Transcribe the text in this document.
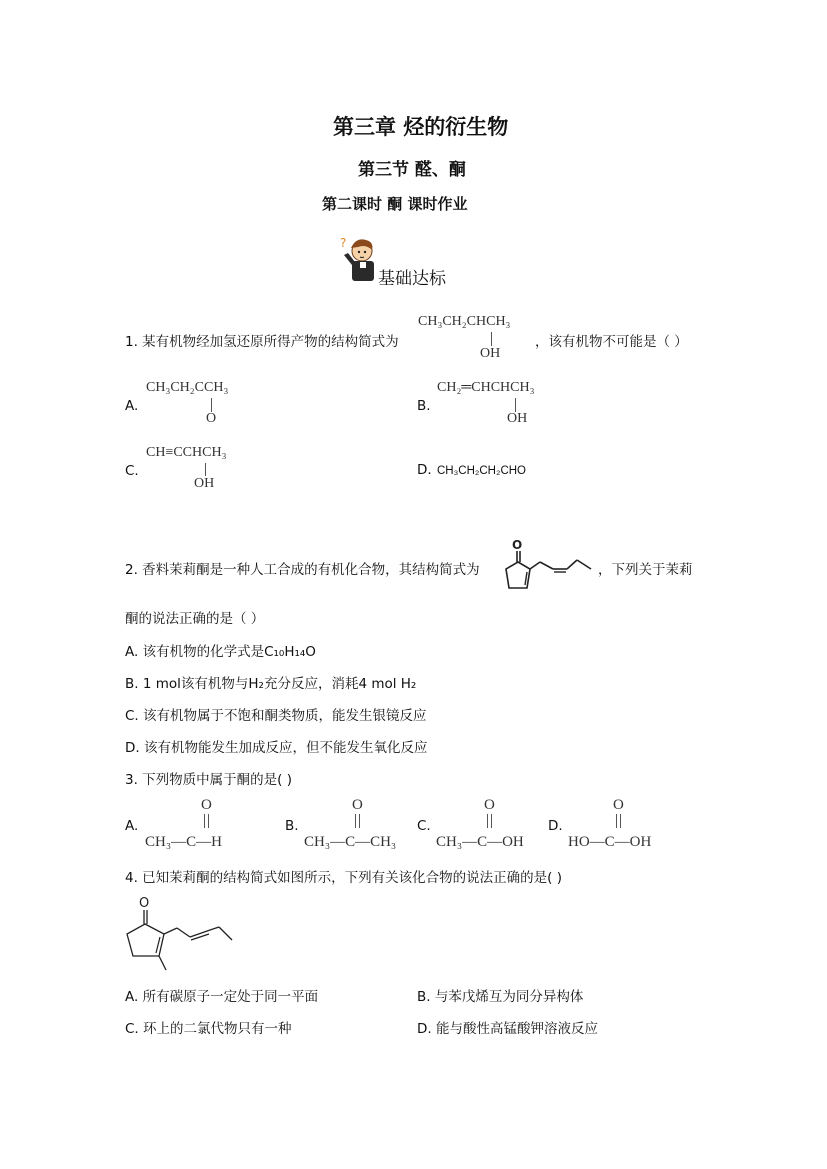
第三章 烃的衍生物
第三节 醛、酮
第二课时 酮 课时作业
?
基础达标
1. 某有机物经加氢还原所得产物的结构简式为
CH₃CH₂CHCH₃
OH
，该有机物不可能是（ ）
A.
CH₃CH₂CCH₃
O
B.
CH₂═CHCHCH₃
OH
C.
CH≡CCHCH₃
OH
D. CH₃CH₂CH₂CHO
2. 香料茉莉酮是一种人工合成的有机化合物，其结构简式为
O
，下列关于茉莉
酮的说法正确的是（ ）
A. 该有机物的化学式是C₁₀H₁₄O
B. 1 mol该有机物与H₂充分反应，消耗4 mol H₂
C. 该有机物属于不饱和酮类物质，能发生银镜反应
D. 该有机物能发生加成反应，但不能发生氧化反应
3. 下列物质中属于酮的是( )
A.
O
CH₃—C—H
B.
O
CH₃—C—CH₃
C.
O
CH₃—C—OH
D.
O
HO—C—OH
4. 已知茉莉酮的结构简式如图所示，下列有关该化合物的说法正确的是( )
O
A. 所有碳原子一定处于同一平面	B. 与苯戊烯互为同分异构体
C. 环上的二氯代物只有一种	D. 能与酸性高锰酸钾溶液反应
